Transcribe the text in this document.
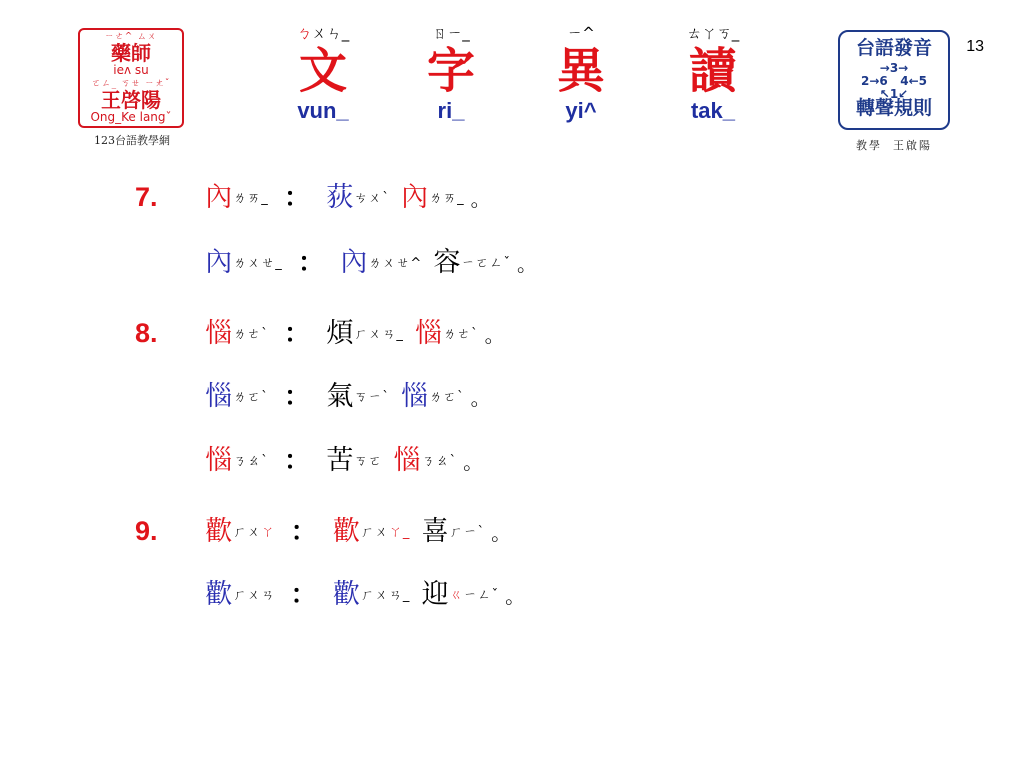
13
ㄧㄜ^ ㄙㄨ
藥師
ieʌ su
ㄛㄥ_ ㄎㄝ ㄧㄤˇ
王啓陽
Ong_Ke langˇ
123台語教學網
台語發音
→3→
2→6   4←5
↖1↙
轉聲規則
教學  王啟陽
ㄅㄨㄣ_
文
vun_
ㄖㄧ_
字
ri_
ㄧ^
異
yi^
ㄊㄚㄎ_
讀
tak_
7. 內ㄌㄞ_ ： 荻ㄘㄨˋ 內ㄌㄞ_ 。
內ㄌㄨㄝ_ ： 內ㄌㄨㄝ^ 容ㄧㄛㄥˇ 。
8. 惱ㄌㄜˋ ： 煩ㄏㄨㄢ_ 惱ㄌㄜˋ 。
惱ㄌㄛˋ ： 氣ㄎㄧˋ 惱ㄌㄛˋ 。
惱ㄋㄠˋ ： 苦ㄎㄛ 惱ㄋㄠˋ 。
9. 歡ㄏㄨㄚ ： 歡ㄏㄨㄚ_ 喜ㄏㄧˋ 。
歡ㄏㄨㄢ ： 歡ㄏㄨㄢ_ 迎ㄍㄧㄥˇ 。
